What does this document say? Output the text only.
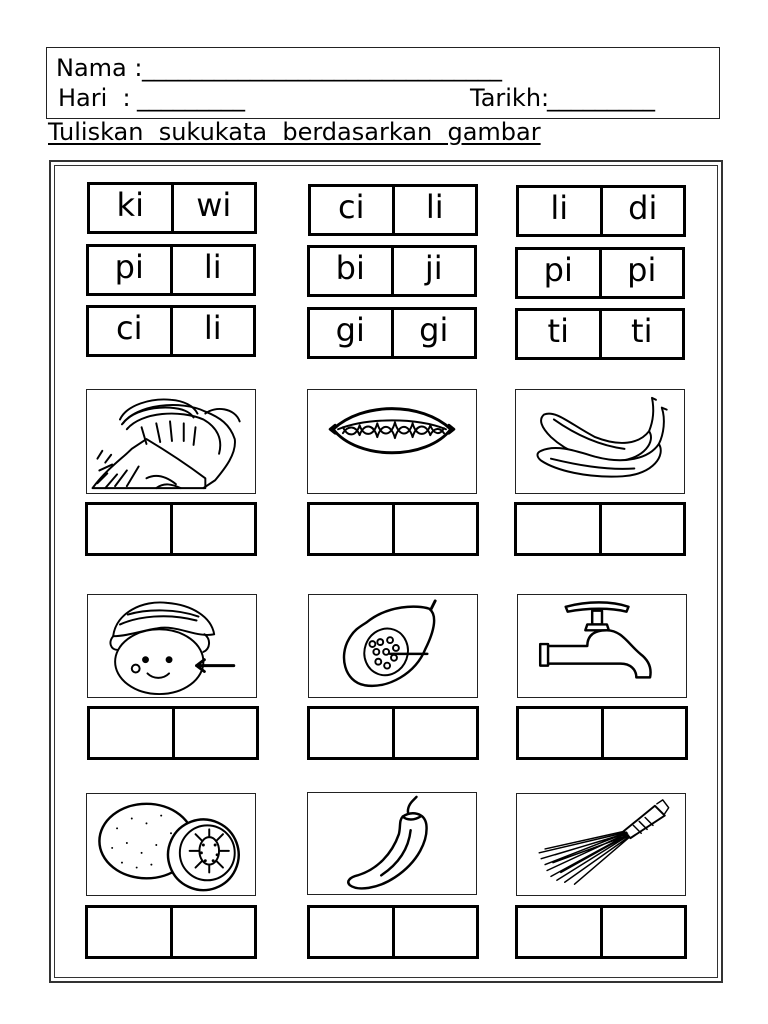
Nama : ______________________________
Hari  : _________	Tarikh:
_________
Tuliskan  sukukata  berdasarkan  gambar
ki	wi
pi	li
ci	li
ci	li
bi	ji
gi	gi
li	di
pi	pi
ti	ti
